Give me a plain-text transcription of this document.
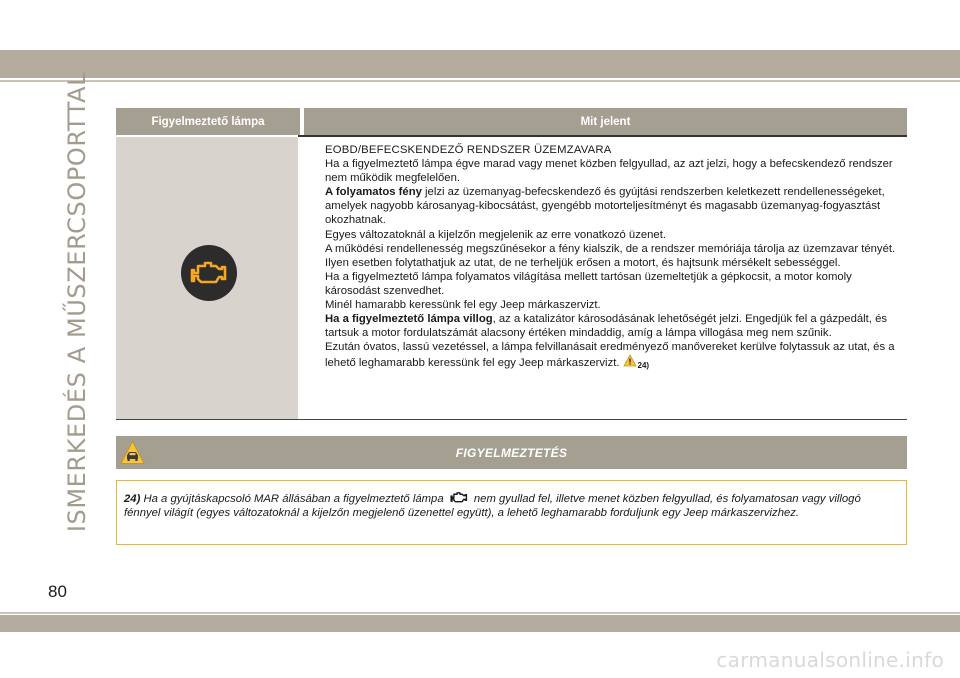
ISMERKEDÉS A MŰSZERCSOPORTTAL	Figyelmeztető lámpa	Mit jelent

EOBD/BEFECSKENDEZŐ RENDSZER ÜZEMZAVARA

Ha a figyelmeztető lámpa égve marad vagy menet közben felgyullad, az azt jelzi, hogy a befecskendező rendszer nem működik megfelelően.

A folyamatos fény jelzi az üzemanyag-befecskendező és gyújtási rendszerben keletkezett rendellenességeket, amelyek nagyobb károsanyag-kibocsátást, gyengébb motorteljesítményt és magasabb üzemanyag-fogyasztást okozhatnak.

Egyes változatoknál a kijelzőn megjelenik az erre vonatkozó üzenet.

A működési rendellenesség megszűnésekor a fény kialszik, de a rendszer memóriája tárolja az üzemzavar tényét.

Ilyen esetben folytathatjuk az utat, de ne terheljük erősen a motort, és hajtsunk mérsékelt sebességgel.

Ha a figyelmeztető lámpa folyamatos világítása mellett tartósan üzemeltetjük a gépkocsit, a motor komoly károsodást szenvedhet.

Minél hamarabb keressünk fel egy Jeep márkaszervizt.

Ha a figyelmeztető lámpa villog, az a katalizátor károsodásának lehetőségét jelzi. Engedjük fel a gázpedált, és tartsuk a motor fordulatszámát alacsony értéken mindaddig, amíg a lámpa villogása meg nem szűnik.

Ezután óvatos, lassú vezetéssel, a lámpa felvillanásait eredményező manővereket kerülve folytassuk az utat, és a lehető leghamarabb keressünk fel egy Jeep márkaszervizt. 24)

FIGYELMEZTETÉS

24) Ha a gyújtáskapcsoló MAR állásában a figyelmeztető lámpa  nem gyullad fel, illetve menet közben felgyullad, és folyamatosan vagy villogó fénnyel világít (egyes változatoknál a kijelzőn megjelenő üzenettel együtt), a lehető leghamarabb forduljunk egy Jeep márkaszervizhez.

80
carmanualsonline.info
